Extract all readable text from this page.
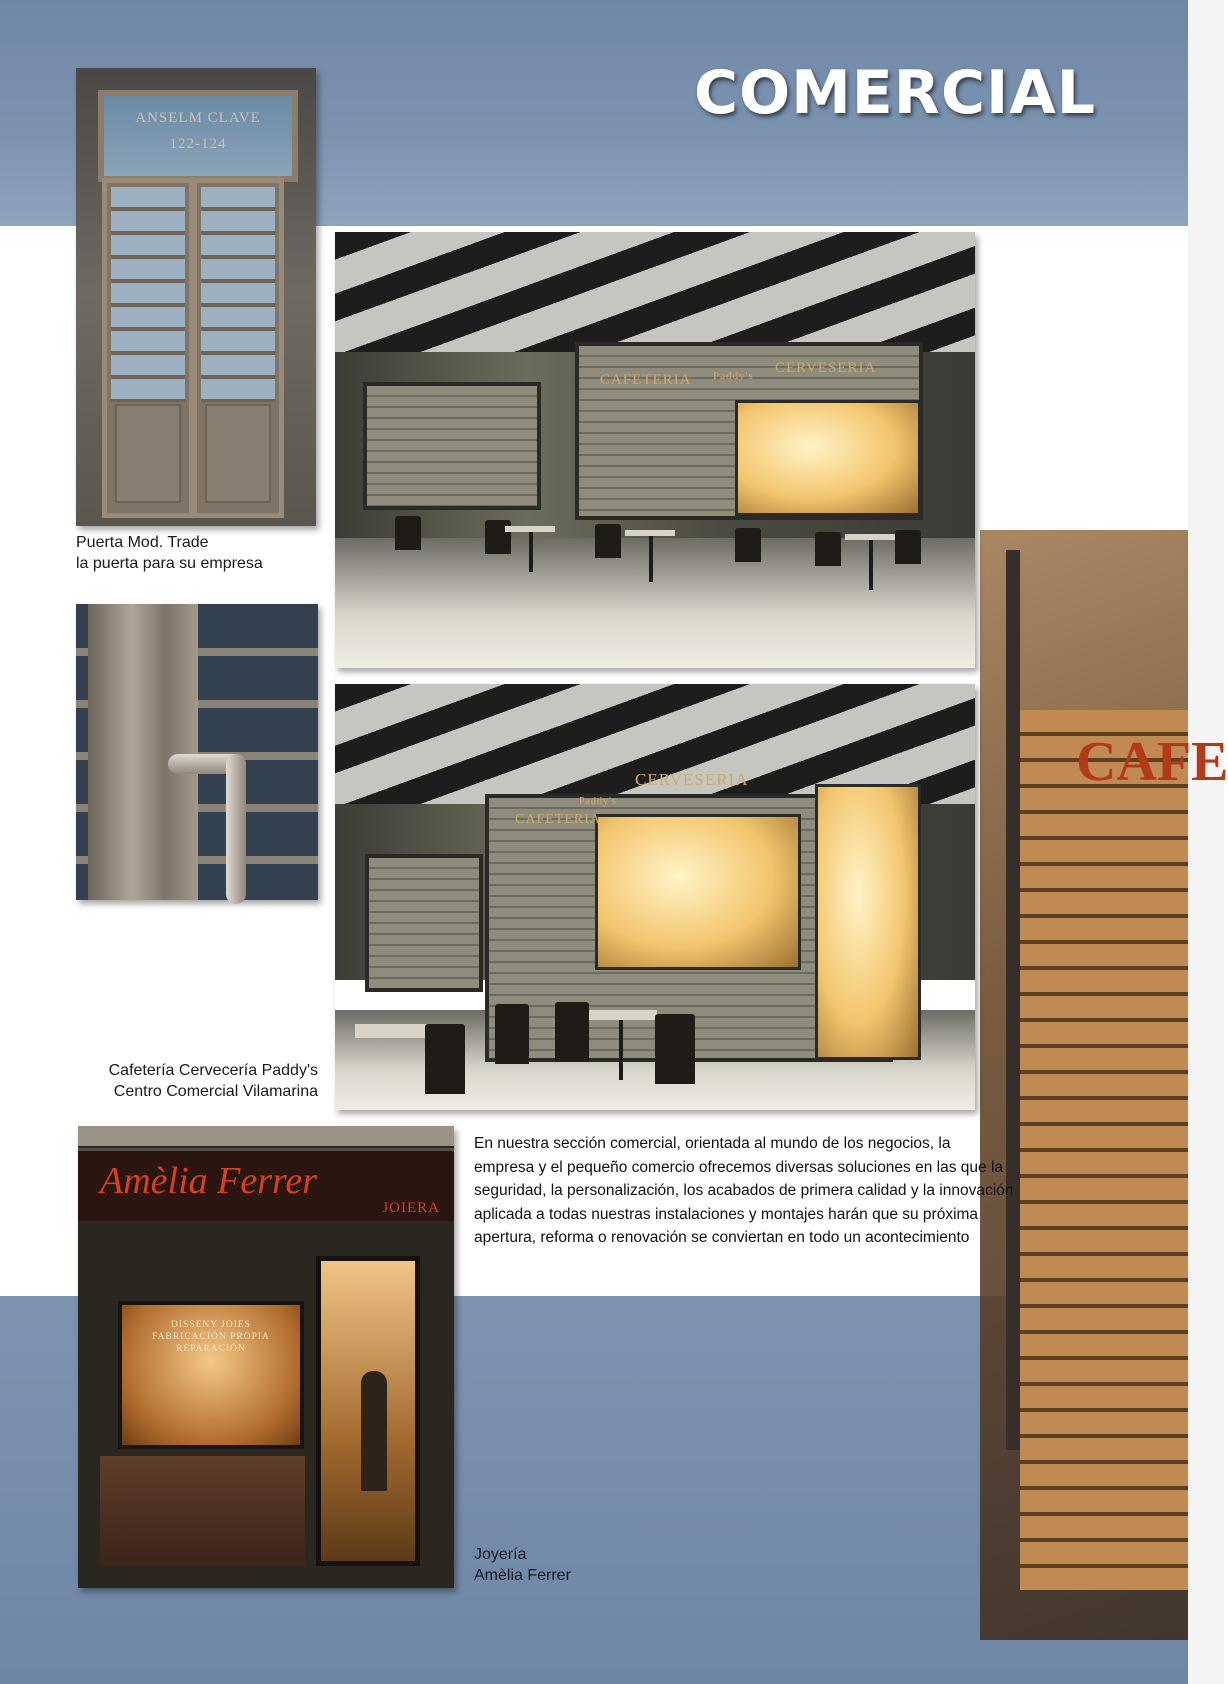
CAFE
COMERCIAL
ANSELM CLAVE
122-124
Puerta Mod. Trade
la puerta para su empresa
CAFETERIA Paddy's CERVESERIA
CAFETERIA
Paddy's
CERVESERIA
Cafetería Cervecería Paddy's
Centro Comercial Vilamarina
En nuestra sección comercial, orientada al mundo de los negocios, la empresa y el pequeño comercio ofrecemos diversas soluciones en las que la seguridad, la personalización, los acabados de primera calidad y la innovación aplicada a todas nuestras instalaciones y montajes harán que su próxima apertura, reforma o renovación se conviertan en todo un acontecimiento
Amèlia Ferrer
JOIERA
DISSENY JOIES
FABRICACIÓN PROPIA
REPARACIÓN
Joyería
Amèlia Ferrer
